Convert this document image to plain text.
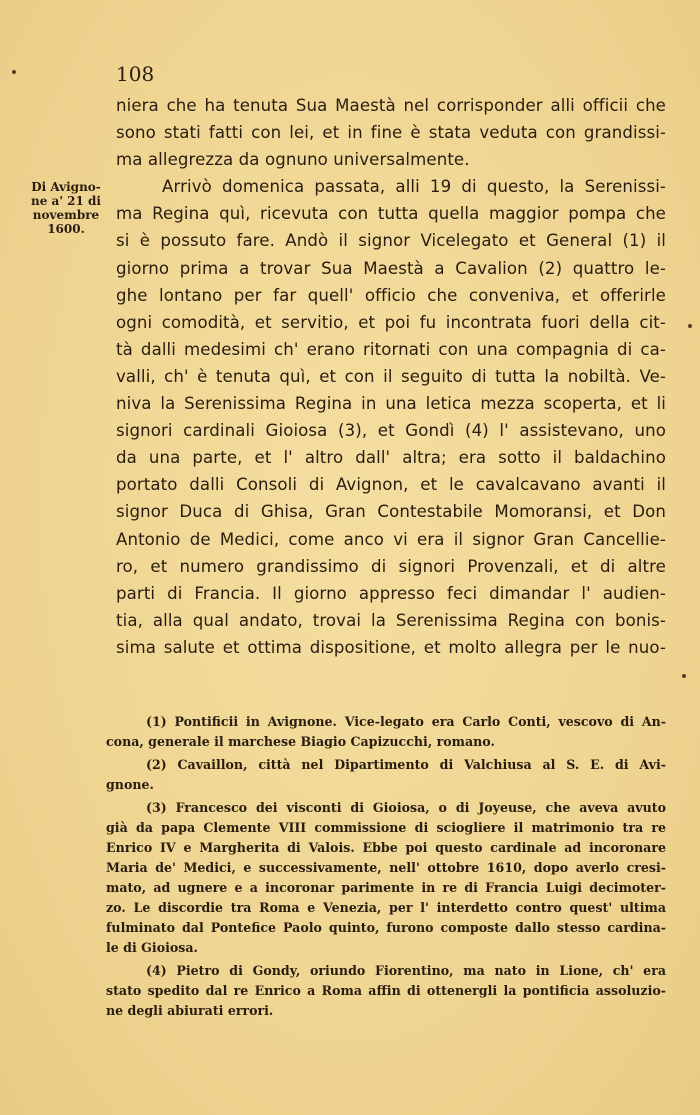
108
Di Avigno-
ne a' 21 di
novembre
1600.
niera che ha tenuta Sua Maestà nel corrisponder alli officii che
sono stati fatti con lei, et in fine è stata veduta con grandissi-
ma allegrezza da ognuno universalmente.
Arrivò domenica passata, alli 19 di questo, la Serenissi-
ma Regina quì, ricevuta con tutta quella maggior pompa che
si è possuto fare. Andò il signor Vicelegato et General (1) il
giorno prima a trovar Sua Maestà a Cavalion (2) quattro le-
ghe lontano per far quell' officio che conveniva, et offerirle
ogni comodità, et servitio, et poi fu incontrata fuori della cit-
tà dalli medesimi ch' erano ritornati con una compagnia di ca-
valli, ch' è tenuta quì, et con il seguito di tutta la nobiltà. Ve-
niva la Serenissima Regina in una letica mezza scoperta, et li
signori cardinali Gioiosa (3), et Gondì (4) l' assistevano, uno
da una parte, et l' altro dall' altra; era sotto il baldachino
portato dalli Consoli di Avignon, et le cavalcavano avanti il
signor Duca di Ghisa, Gran Contestabile Momoransi, et Don
Antonio de Medici, come anco vi era il signor Gran Cancellie-
ro, et numero grandissimo di signori Provenzali, et di altre
parti di Francia. Il giorno appresso feci dimandar l' audien-
tia, alla qual andato, trovai la Serenissima Regina con bonis-
sima salute et ottima dispositione, et molto allegra per le nuo-
(1) Pontificii in Avignone. Vice-legato era Carlo Conti, vescovo di An-
cona, generale il marchese Biagio Capizucchi, romano.
(2) Cavaillon, città nel Dipartimento di Valchiusa al S. E. di Avi-
gnone.
(3) Francesco dei visconti di Gioiosa, o di Joyeuse, che aveva avuto
già da papa Clemente VIII commissione di sciogliere il matrimonio tra re
Enrico IV e Margherita di Valois. Ebbe poi questo cardinale ad incoronare
Maria de' Medici, e successivamente, nell' ottobre 1610, dopo averlo cresi-
mato, ad ugnere e a incoronar parimente in re di Francia Luigi decimoter-
zo. Le discordie tra Roma e Venezia, per l' interdetto contro quest' ultima
fulminato dal Pontefice Paolo quinto, furono composte dallo stesso cardina-
le di Gioiosa.
(4) Pietro di Gondy, oriundo Fiorentino, ma nato in Lione, ch' era
stato spedito dal re Enrico a Roma affin di ottenergli la pontificia assoluzio-
ne degli abiurati errori.
